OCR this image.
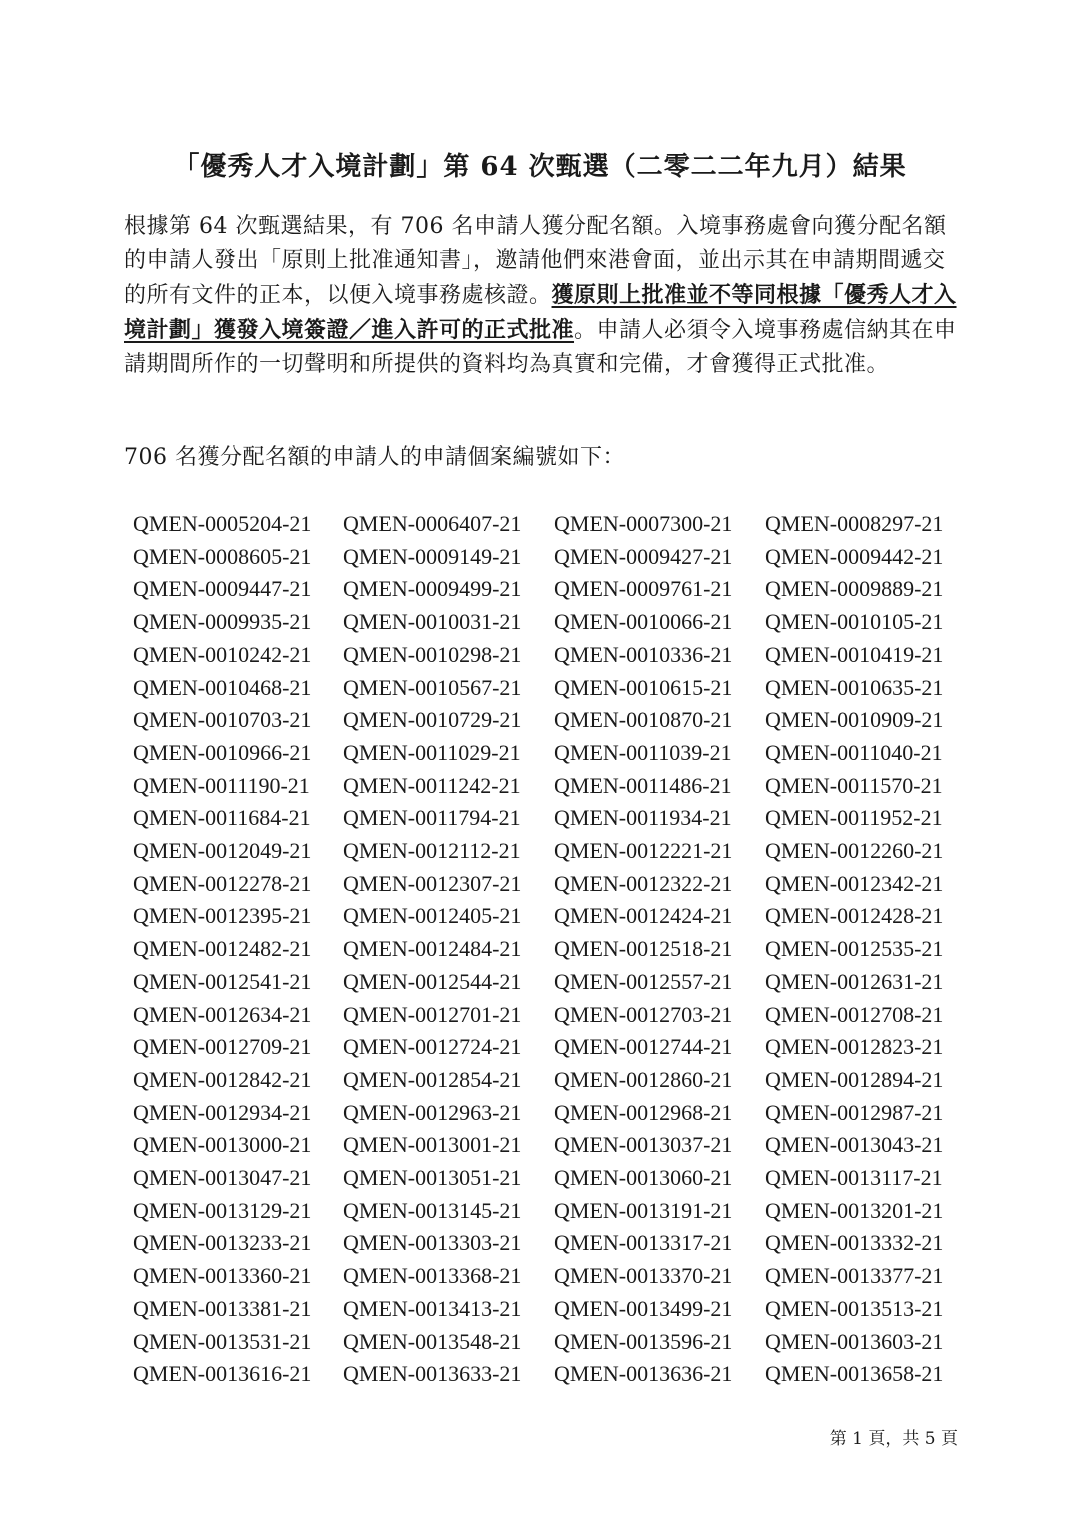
「優秀人才入境計劃」第 64 次甄選（二零二二年九月）結果

根據第 64 次甄選結果，有 706 名申請人獲分配名額。入境事務處會向獲分配名額的申請人發出「原則上批准通知書」，邀請他們來港會面，並出示其在申請期間遞交的所有文件的正本，以便入境事務處核證。獲原則上批准並不等同根據「優秀人才入境計劃」獲發入境簽證／進入許可的正式批准。申請人必須令入境事務處信納其在申請期間所作的一切聲明和所提供的資料均為真實和完備，才會獲得正式批准。

706 名獲分配名額的申請人的申請個案編號如下：

QMEN-0005204-21	QMEN-0006407-21	QMEN-0007300-21	QMEN-0008297-21
QMEN-0008605-21	QMEN-0009149-21	QMEN-0009427-21	QMEN-0009442-21
QMEN-0009447-21	QMEN-0009499-21	QMEN-0009761-21	QMEN-0009889-21
QMEN-0009935-21	QMEN-0010031-21	QMEN-0010066-21	QMEN-0010105-21
QMEN-0010242-21	QMEN-0010298-21	QMEN-0010336-21	QMEN-0010419-21
QMEN-0010468-21	QMEN-0010567-21	QMEN-0010615-21	QMEN-0010635-21
QMEN-0010703-21	QMEN-0010729-21	QMEN-0010870-21	QMEN-0010909-21
QMEN-0010966-21	QMEN-0011029-21	QMEN-0011039-21	QMEN-0011040-21
QMEN-0011190-21	QMEN-0011242-21	QMEN-0011486-21	QMEN-0011570-21
QMEN-0011684-21	QMEN-0011794-21	QMEN-0011934-21	QMEN-0011952-21
QMEN-0012049-21	QMEN-0012112-21	QMEN-0012221-21	QMEN-0012260-21
QMEN-0012278-21	QMEN-0012307-21	QMEN-0012322-21	QMEN-0012342-21
QMEN-0012395-21	QMEN-0012405-21	QMEN-0012424-21	QMEN-0012428-21
QMEN-0012482-21	QMEN-0012484-21	QMEN-0012518-21	QMEN-0012535-21
QMEN-0012541-21	QMEN-0012544-21	QMEN-0012557-21	QMEN-0012631-21
QMEN-0012634-21	QMEN-0012701-21	QMEN-0012703-21	QMEN-0012708-21
QMEN-0012709-21	QMEN-0012724-21	QMEN-0012744-21	QMEN-0012823-21
QMEN-0012842-21	QMEN-0012854-21	QMEN-0012860-21	QMEN-0012894-21
QMEN-0012934-21	QMEN-0012963-21	QMEN-0012968-21	QMEN-0012987-21
QMEN-0013000-21	QMEN-0013001-21	QMEN-0013037-21	QMEN-0013043-21
QMEN-0013047-21	QMEN-0013051-21	QMEN-0013060-21	QMEN-0013117-21
QMEN-0013129-21	QMEN-0013145-21	QMEN-0013191-21	QMEN-0013201-21
QMEN-0013233-21	QMEN-0013303-21	QMEN-0013317-21	QMEN-0013332-21
QMEN-0013360-21	QMEN-0013368-21	QMEN-0013370-21	QMEN-0013377-21
QMEN-0013381-21	QMEN-0013413-21	QMEN-0013499-21	QMEN-0013513-21
QMEN-0013531-21	QMEN-0013548-21	QMEN-0013596-21	QMEN-0013603-21
QMEN-0013616-21	QMEN-0013633-21	QMEN-0013636-21	QMEN-0013658-21
第 1 頁，共 5 頁
